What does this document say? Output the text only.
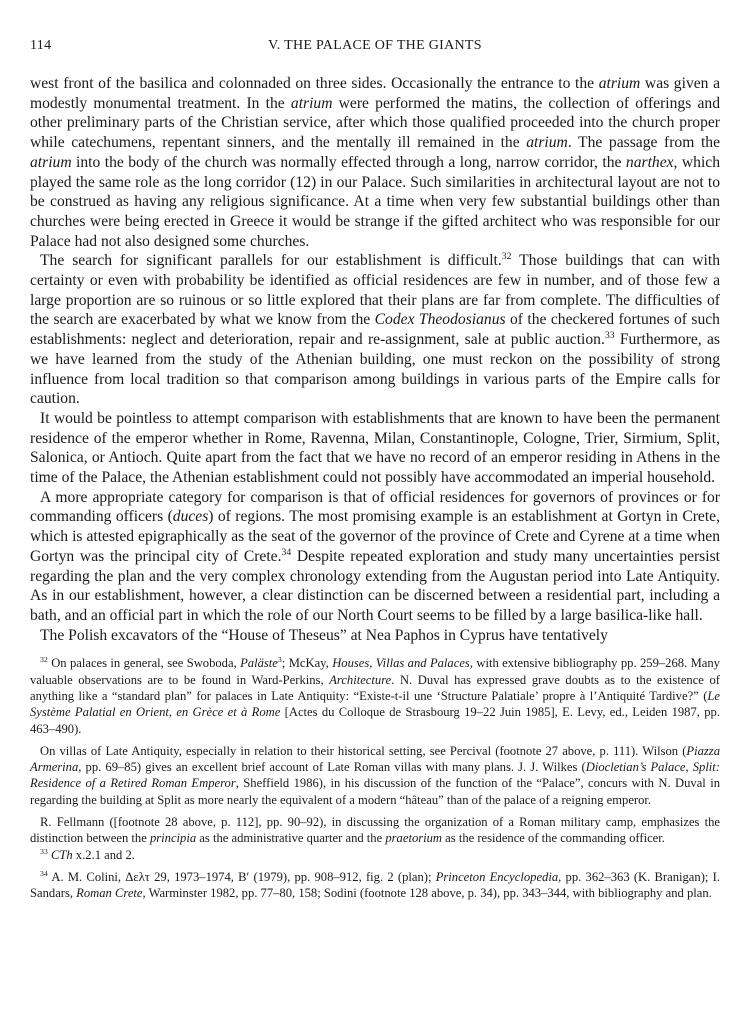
114	V. THE PALACE OF THE GIANTS

west front of the basilica and colonnaded on three sides. Occasionally the entrance to the atrium was given a modestly monumental treatment. In the atrium were performed the matins, the collection of offerings and other preliminary parts of the Christian service, after which those qualified proceeded into the church proper while catechumens, repentant sinners, and the mentally ill remained in the atrium. The passage from the atrium into the body of the church was normally effected through a long, narrow corridor, the narthex, which played the same role as the long corridor (12) in our Palace. Such similarities in architectural layout are not to be construed as having any religious significance. At a time when very few substantial buildings other than churches were being erected in Greece it would be strange if the gifted architect who was responsible for our Palace had not also designed some churches.

The search for significant parallels for our establishment is difficult.$^{32}$ Those buildings that can with certainty or even with probability be identified as official residences are few in number, and of those few a large proportion are so ruinous or so little explored that their plans are far from complete. The difficulties of the search are exacerbated by what we know from the Codex Theodosianus of the checkered fortunes of such establishments: neglect and deterioration, repair and re-assignment, sale at public auction.$^{33}$ Furthermore, as we have learned from the study of the Athenian building, one must reckon on the possibility of strong influence from local tradition so that comparison among buildings in various parts of the Empire calls for caution.

It would be pointless to attempt comparison with establishments that are known to have been the permanent residence of the emperor whether in Rome, Ravenna, Milan, Constantinople, Cologne, Trier, Sirmium, Split, Salonica, or Antioch. Quite apart from the fact that we have no record of an emperor residing in Athens in the time of the Palace, the Athenian establishment could not possibly have accommodated an imperial household.

A more appropriate category for comparison is that of official residences for governors of provinces or for commanding officers (duces) of regions. The most promising example is an establishment at Gortyn in Crete, which is attested epigraphically as the seat of the governor of the province of Crete and Cyrene at a time when Gortyn was the principal city of Crete.$^{34}$ Despite repeated exploration and study many uncertainties persist regarding the plan and the very complex chronology extending from the Augustan period into Late Antiquity. As in our establishment, however, a clear distinction can be discerned between a residential part, including a bath, and an official part in which the role of our North Court seems to be filled by a large basilica-like hall.

The Polish excavators of the “House of Theseus” at Nea Paphos in Cyprus have tentatively

$^{32}$ On palaces in general, see Swoboda, Paläste$^3$; McKay, Houses, Villas and Palaces, with extensive bibliography pp. 259–268. Many valuable observations are to be found in Ward-Perkins, Architecture. N. Duval has expressed grave doubts as to the existence of anything like a “standard plan” for palaces in Late Antiquity: “Existe-t-il une ‘Structure Palatiale’ propre à l’Antiquité Tardive?” (Le Système Palatial en Orient, en Grèce et à Rome [Actes du Colloque de Strasbourg 19–22 Juin 1985], E. Levy, ed., Leiden 1987, pp. 463–490).

On villas of Late Antiquity, especially in relation to their historical setting, see Percival (footnote 27 above, p. 111). Wilson (Piazza Armerina, pp. 69–85) gives an excellent brief account of Late Roman villas with many plans. J. J. Wilkes (Diocletian’s Palace, Split: Residence of a Retired Roman Emperor, Sheffield 1986), in his discussion of the function of the “Palace”, concurs with N. Duval in regarding the building at Split as more nearly the equivalent of a modern “hâteau” than of the palace of a reigning emperor.

R. Fellmann ([footnote 28 above, p. 112], pp. 90–92), in discussing the organization of a Roman military camp, emphasizes the distinction between the principia as the administrative quarter and the praetorium as the residence of the commanding officer.

$^{33}$ CTh x.2.1 and 2.

$^{34}$ A. M. Colini, Δελτ 29, 1973–1974, B′ (1979), pp. 908–912, fig. 2 (plan); Princeton Encyclopedia, pp. 362–363 (K. Branigan); I. Sandars, Roman Crete, Warminster 1982, pp. 77–80, 158; Sodini (footnote 128 above, p. 34), pp. 343–344, with bibliography and plan.
